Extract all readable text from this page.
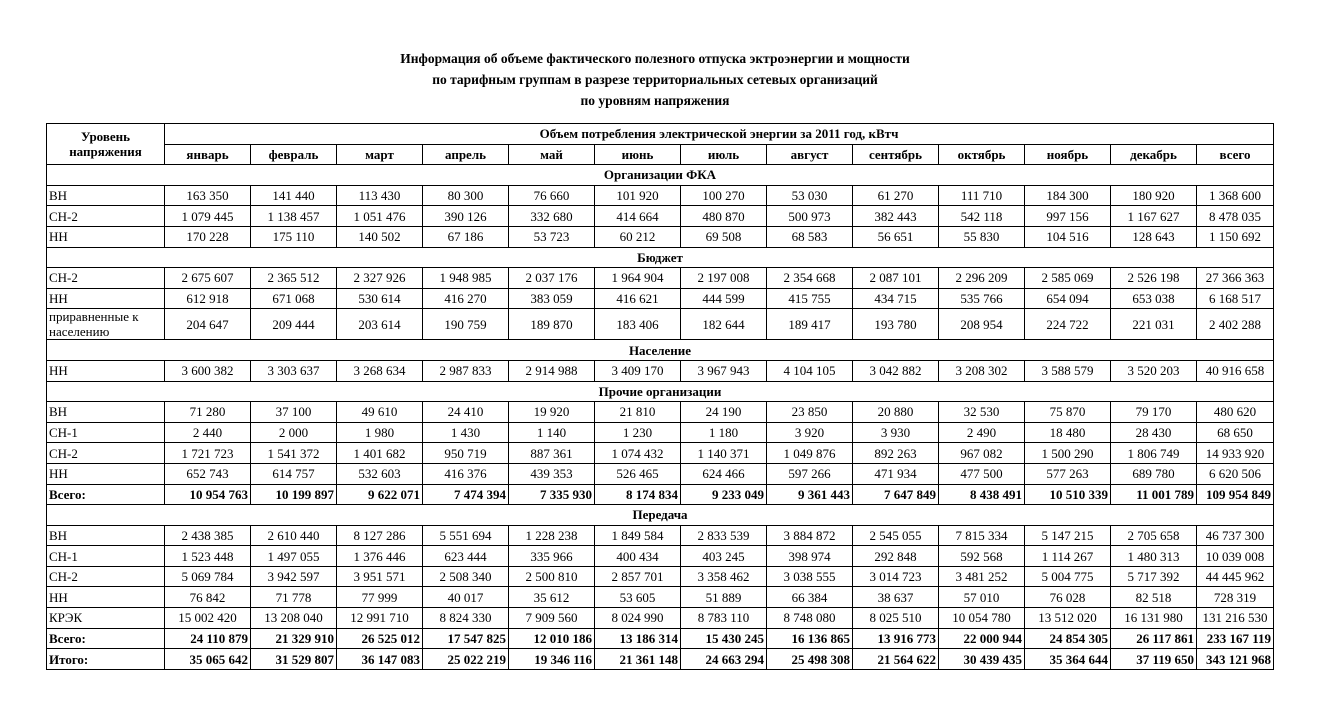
Информация об объеме фактического полезного отпуска эктроэнергии и мощности
по тарифным группам в разрезе территориальных сетевых организаций
по уровням напряжения
Уровень напряжения	Объем потребления электрической энергии за 2011 год, кВтч												
	январь	февраль	март	апрель	май	июнь	июль	август	сентябрь	октябрь	ноябрь	декабрь	всего
Организации ФКА													
ВН	163 350	141 440	113 430	80 300	76 660	101 920	100 270	53 030	61 270	111 710	184 300	180 920	1 368 600
СН-2	1 079 445	1 138 457	1 051 476	390 126	332 680	414 664	480 870	500 973	382 443	542 118	997 156	1 167 627	8 478 035
НН	170 228	175 110	140 502	67 186	53 723	60 212	69 508	68 583	56 651	55 830	104 516	128 643	1 150 692
Бюджет													
СН-2	2 675 607	2 365 512	2 327 926	1 948 985	2 037 176	1 964 904	2 197 008	2 354 668	2 087 101	2 296 209	2 585 069	2 526 198	27 366 363
НН	612 918	671 068	530 614	416 270	383 059	416 621	444 599	415 755	434 715	535 766	654 094	653 038	6 168 517
приравненные к населению	204 647	209 444	203 614	190 759	189 870	183 406	182 644	189 417	193 780	208 954	224 722	221 031	2 402 288
Население													
НН	3 600 382	3 303 637	3 268 634	2 987 833	2 914 988	3 409 170	3 967 943	4 104 105	3 042 882	3 208 302	3 588 579	3 520 203	40 916 658
Прочие организации													
ВН	71 280	37 100	49 610	24 410	19 920	21 810	24 190	23 850	20 880	32 530	75 870	79 170	480 620
СН-1	2 440	2 000	1 980	1 430	1 140	1 230	1 180	3 920	3 930	2 490	18 480	28 430	68 650
СН-2	1 721 723	1 541 372	1 401 682	950 719	887 361	1 074 432	1 140 371	1 049 876	892 263	967 082	1 500 290	1 806 749	14 933 920
НН	652 743	614 757	532 603	416 376	439 353	526 465	624 466	597 266	471 934	477 500	577 263	689 780	6 620 506
Всего:	10 954 763	10 199 897	9 622 071	7 474 394	7 335 930	8 174 834	9 233 049	9 361 443	7 647 849	8 438 491	10 510 339	11 001 789	109 954 849
Передача													
ВН	2 438 385	2 610 440	8 127 286	5 551 694	1 228 238	1 849 584	2 833 539	3 884 872	2 545 055	7 815 334	5 147 215	2 705 658	46 737 300
СН-1	1 523 448	1 497 055	1 376 446	623 444	335 966	400 434	403 245	398 974	292 848	592 568	1 114 267	1 480 313	10 039 008
СН-2	5 069 784	3 942 597	3 951 571	2 508 340	2 500 810	2 857 701	3 358 462	3 038 555	3 014 723	3 481 252	5 004 775	5 717 392	44 445 962
НН	76 842	71 778	77 999	40 017	35 612	53 605	51 889	66 384	38 637	57 010	76 028	82 518	728 319
КРЭК	15 002 420	13 208 040	12 991 710	8 824 330	7 909 560	8 024 990	8 783 110	8 748 080	8 025 510	10 054 780	13 512 020	16 131 980	131 216 530
Всего:	24 110 879	21 329 910	26 525 012	17 547 825	12 010 186	13 186 314	15 430 245	16 136 865	13 916 773	22 000 944	24 854 305	26 117 861	233 167 119
Итого:	35 065 642	31 529 807	36 147 083	25 022 219	19 346 116	21 361 148	24 663 294	25 498 308	21 564 622	30 439 435	35 364 644	37 119 650	343 121 968
